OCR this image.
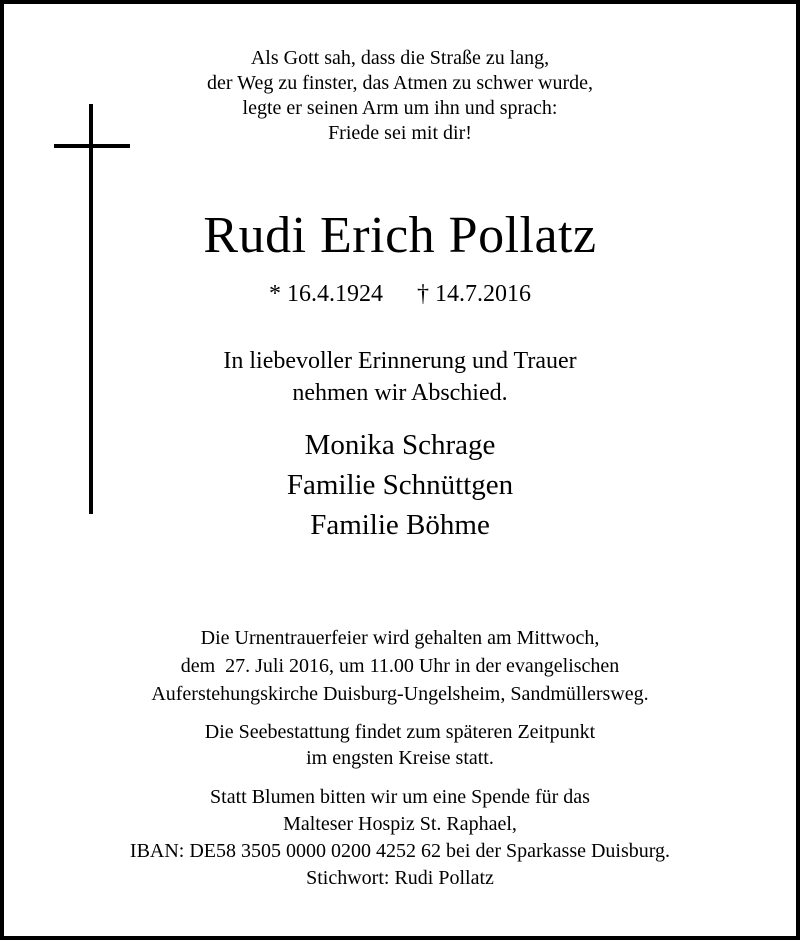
Als Gott sah, dass die Straße zu lang,
der Weg zu finster, das Atmen zu schwer wurde,
legte er seinen Arm um ihn und sprach:
Friede sei mit dir!
Rudi Erich Pollatz
* 16.4.1924 † 14.7.2016
In liebevoller Erinnerung und Trauer
nehmen wir Abschied.
Monika Schrage
Familie Schnüttgen
Familie Böhme
Die Urnentrauerfeier wird gehalten am Mittwoch,
dem  27. Juli 2016, um 11.00 Uhr in der evangelischen
Auferstehungskirche Duisburg-Ungelsheim, Sandmüllersweg.
Die Seebestattung findet zum späteren Zeitpunkt
im engsten Kreise statt.
Statt Blumen bitten wir um eine Spende für das
Malteser Hospiz St. Raphael,
IBAN: DE58 3505 0000 0200 4252 62 bei der Sparkasse Duisburg.
Stichwort: Rudi Pollatz
